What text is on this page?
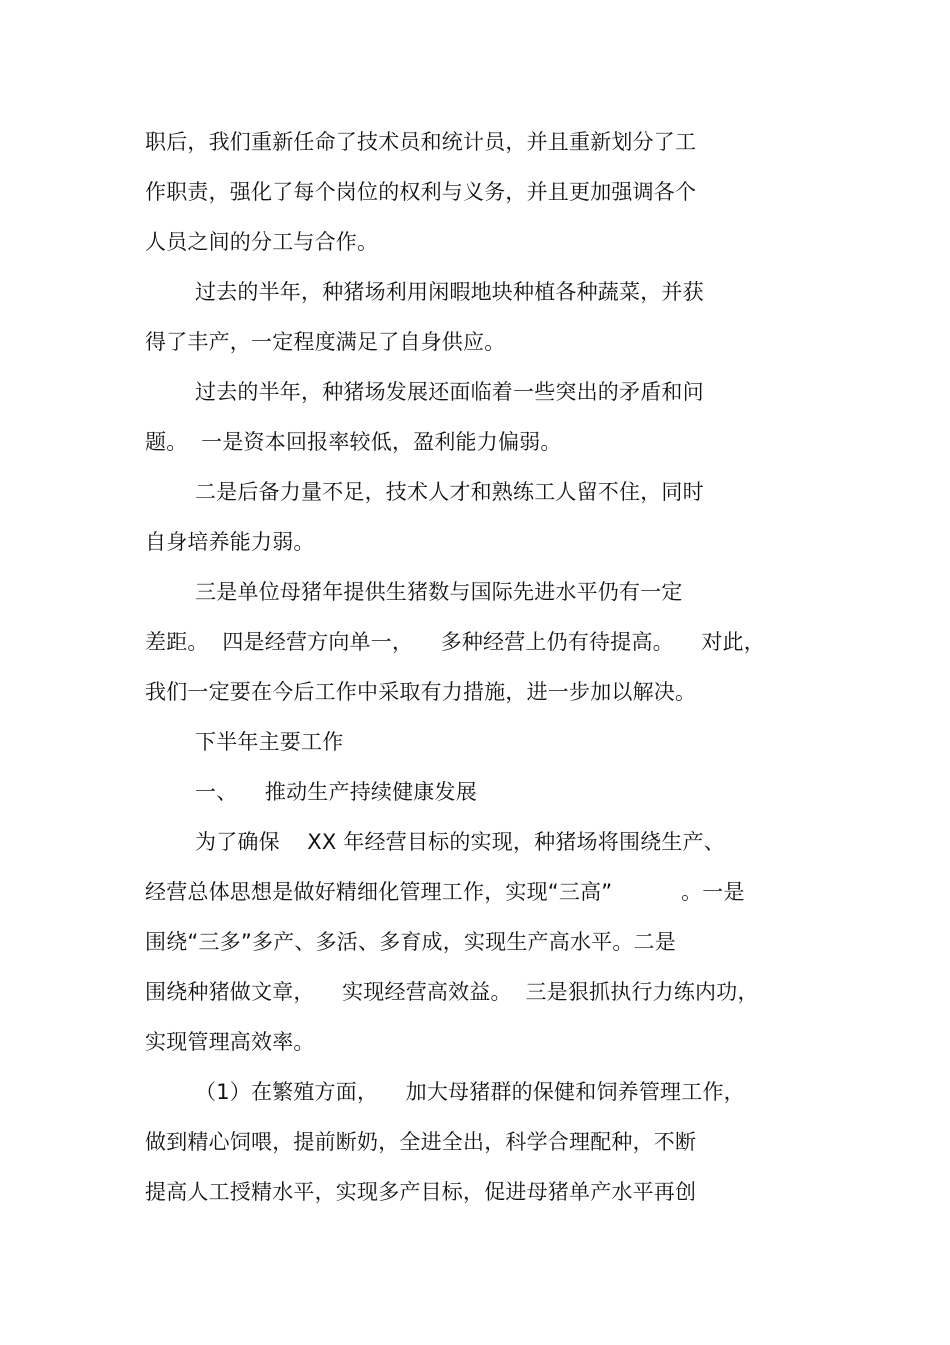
职后，我们重新任命了技术员和统计员，并且重新划分了工
作职责，强化了每个岗位的权利与义务，并且更加强调各个
人员之间的分工与合作。
过去的半年，种猪场利用闲暇地块种植各种蔬菜，并获
得了丰产，一定程度满足了自身供应。
过去的半年，种猪场发展还面临着一些突出的矛盾和问
题。  一是资本回报率较低，盈利能力偏弱。
二是后备力量不足，技术人才和熟练工人留不住，同时
自身培养能力弱。
三是单位母猪年提供生猪数与国际先进水平仍有一定
差距。  四是经营方向单一，    多种经营上仍有待提高。    对此，
我们一定要在今后工作中采取有力措施，进一步加以解决。
下半年主要工作
一、    推动生产持续健康发展
为了确保    XX 年经营目标的实现，种猪场将围绕生产、
经营总体思想是做好精细化管理工作，实现“三高”          。一是
围绕“三多”多产、多活、多育成，实现生产高水平。二是
围绕种猪做文章，    实现经营高效益。  三是狠抓执行力练内功，
实现管理高效率。
（1）在繁殖方面，    加大母猪群的保健和饲养管理工作，
做到精心饲喂，提前断奶，全进全出，科学合理配种，不断
提高人工授精水平，实现多产目标，促进母猪单产水平再创
